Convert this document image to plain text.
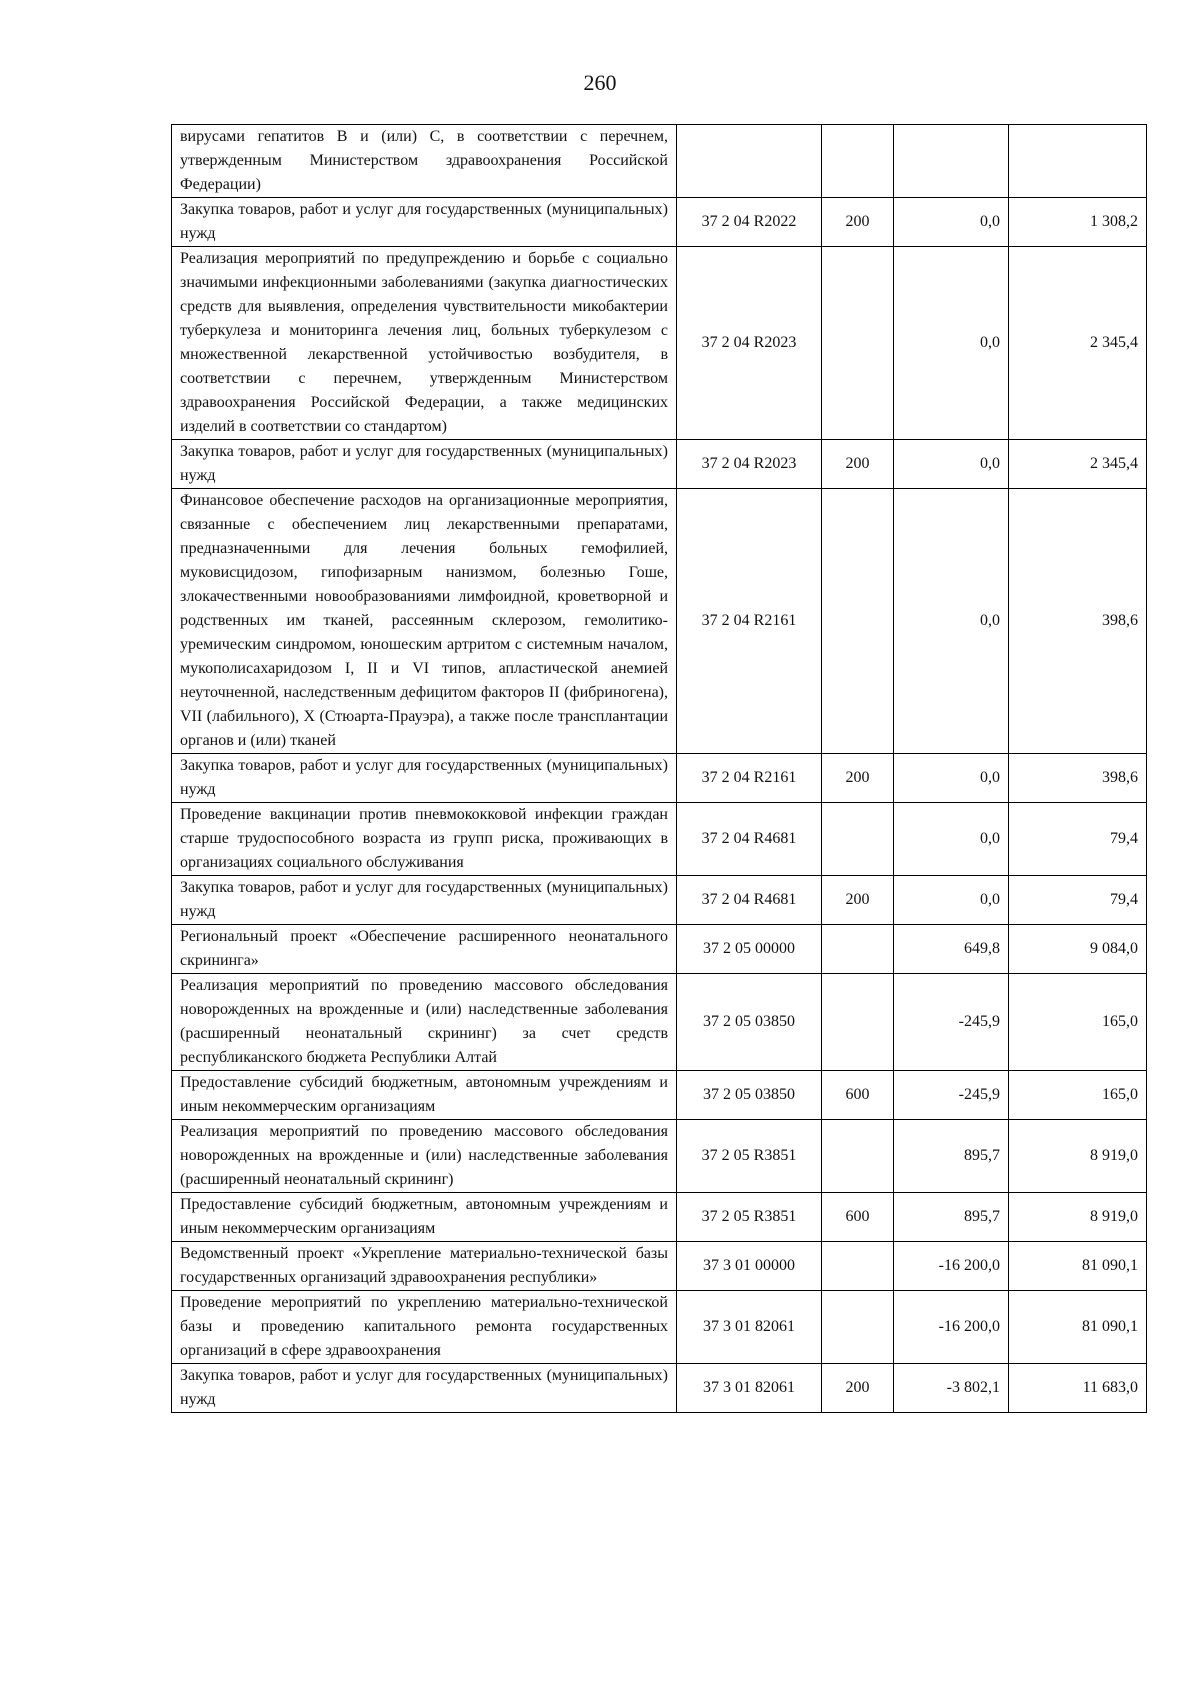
260
вирусами гепатитов В и (или) С, в соответствии с перечнем, утвержденным Министерством здравоохранения Российской Федерации)				
Закупка товаров, работ и услуг для государственных (муниципальных) нужд	37 2 04 R2022	200	0,0	1 308,2
Реализация мероприятий по предупреждению и борьбе с социально значимыми инфекционными заболеваниями (закупка диагностических средств для выявления, определения чувствительности микобактерии туберкулеза и мониторинга лечения лиц, больных туберкулезом с множественной лекарственной устойчивостью возбудителя, в соответствии с перечнем, утвержденным Министерством здравоохранения Российской Федерации, а также медицинских изделий в соответствии со стандартом)	37 2 04 R2023		0,0	2 345,4
Закупка товаров, работ и услуг для государственных (муниципальных) нужд	37 2 04 R2023	200	0,0	2 345,4
Финансовое обеспечение расходов на организационные мероприятия, связанные с обеспечением лиц лекарственными препаратами, предназначенными для лечения больных гемофилией, муковисцидозом, гипофизарным нанизмом, болезнью Гоше, злокачественными новообразованиями лимфоидной, кроветворной и родственных им тканей, рассеянным склерозом, гемолитико-уремическим синдромом, юношеским артритом с системным началом, мукополисахаридозом I, II и VI типов, апластической анемией неуточненной, наследственным дефицитом факторов II (фибриногена), VII (лабильного), X (Стюарта-Прауэра), а также после трансплантации органов и (или) тканей	37 2 04 R2161		0,0	398,6
Закупка товаров, работ и услуг для государственных (муниципальных) нужд	37 2 04 R2161	200	0,0	398,6
Проведение вакцинации против пневмококковой инфекции граждан старше трудоспособного возраста из групп риска, проживающих в организациях социального обслуживания	37 2 04 R4681		0,0	79,4
Закупка товаров, работ и услуг для государственных (муниципальных) нужд	37 2 04 R4681	200	0,0	79,4
Региональный проект «Обеспечение расширенного неонатального скрининга»	37 2 05 00000		649,8	9 084,0
Реализация мероприятий по проведению массового обследования новорожденных на врожденные и (или) наследственные заболевания (расширенный неонатальный скрининг) за счет средств республиканского бюджета Республики Алтай	37 2 05 03850		-245,9	165,0
Предоставление субсидий бюджетным, автономным учреждениям и иным некоммерческим организациям	37 2 05 03850	600	-245,9	165,0
Реализация мероприятий по проведению массового обследования новорожденных на врожденные и (или) наследственные заболевания (расширенный неонатальный скрининг)	37 2 05 R3851		895,7	8 919,0
Предоставление субсидий бюджетным, автономным учреждениям и иным некоммерческим организациям	37 2 05 R3851	600	895,7	8 919,0
Ведомственный проект «Укрепление материально-технической базы государственных организаций здравоохранения республики»	37 3 01 00000		-16 200,0	81 090,1
Проведение мероприятий по укреплению материально-технической базы и проведению капитального ремонта государственных организаций в сфере здравоохранения	37 3 01 82061		-16 200,0	81 090,1
Закупка товаров, работ и услуг для государственных (муниципальных) нужд	37 3 01 82061	200	-3 802,1	11 683,0
